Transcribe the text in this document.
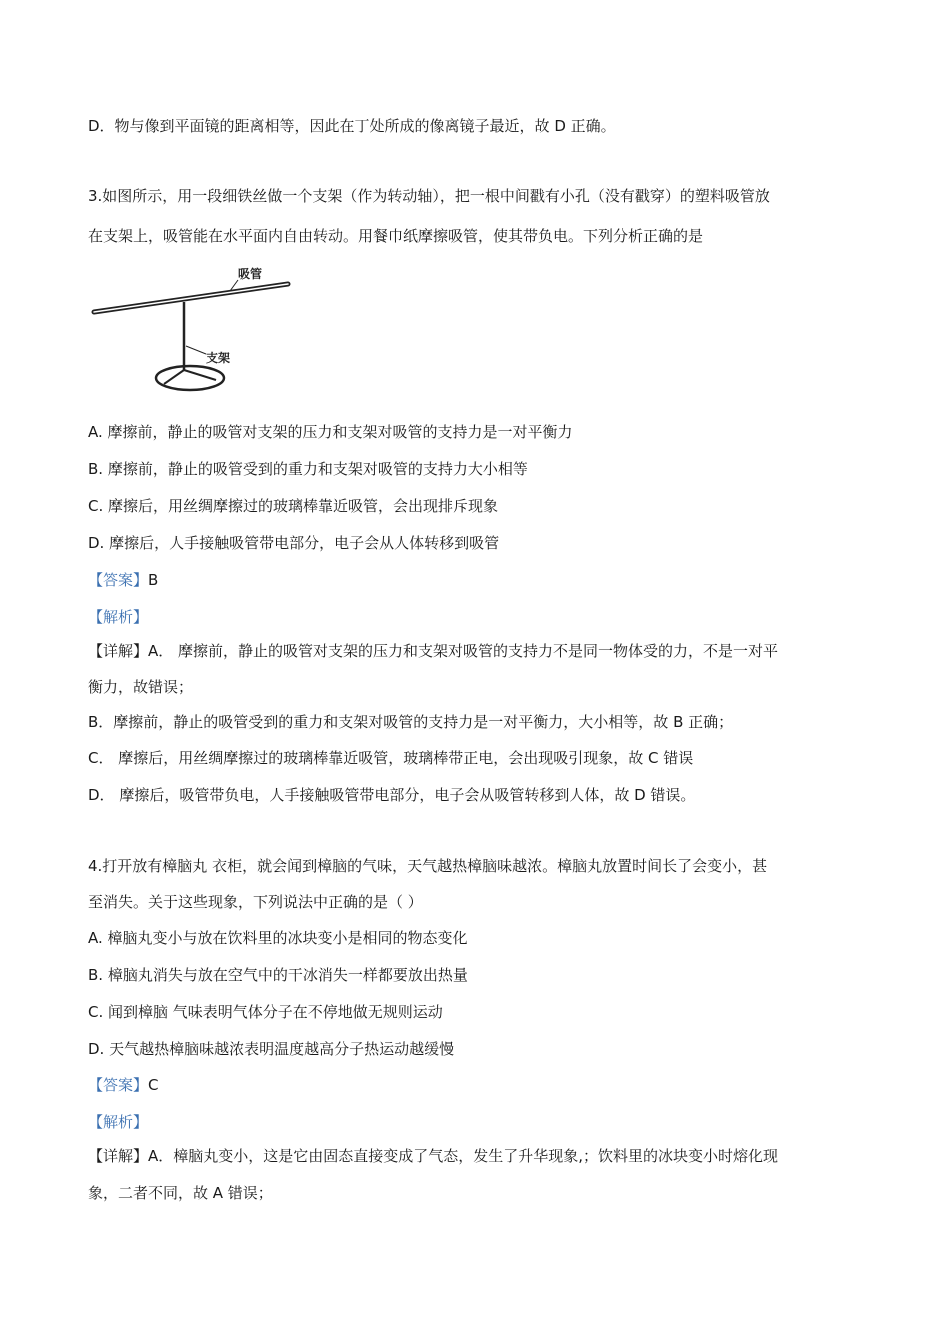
D．物与像到平面镜的距离相等，因此在丁处所成的像离镜子最近，故 D 正确。
3.如图所示，用一段细铁丝做一个支架（作为转动轴），把一根中间戳有小孔（没有戳穿）的塑料吸管放
在支架上，吸管能在水平面内自由转动。用餐巾纸摩擦吸管，使其带负电。下列分析正确的是
吸管
支架
A. 摩擦前，静止的吸管对支架的压力和支架对吸管的支持力是一对平衡力
B. 摩擦前，静止的吸管受到的重力和支架对吸管的支持力大小相等
C. 摩擦后，用丝绸摩擦过的玻璃棒靠近吸管，会出现排斥现象
D. 摩擦后，人手接触吸管带电部分，电子会从人体转移到吸管
【答案】B
【解析】
【详解】A． 摩擦前，静止的吸管对支架的压力和支架对吸管的支持力不是同一物体受的力，不是一对平
衡力，故错误；
B．摩擦前，静止的吸管受到的重力和支架对吸管的支持力是一对平衡力，大小相等，故 B 正确；
C． 摩擦后，用丝绸摩擦过的玻璃棒靠近吸管，玻璃棒带正电，会出现吸引现象，故 C 错误
D． 摩擦后，吸管带负电，人手接触吸管带电部分，电子会从吸管转移到人体，故 D 错误。
4.打开放有樟脑丸 衣柜，就会闻到樟脑的气味，天气越热樟脑味越浓。樟脑丸放置时间长了会变小，甚
至消失。关于这些现象，下列说法中正确的是（ ）
A. 樟脑丸变小与放在饮料里的冰块变小是相同的物态变化
B. 樟脑丸消失与放在空气中的干冰消失一样都要放出热量
C. 闻到樟脑 气味表明气体分子在不停地做无规则运动
D. 天气越热樟脑味越浓表明温度越高分子热运动越缓慢
【答案】C
【解析】
【详解】A．樟脑丸变小，这是它由固态直接变成了气态，发生了升华现象,；饮料里的冰块变小时熔化现
象，二者不同，故 A 错误；
